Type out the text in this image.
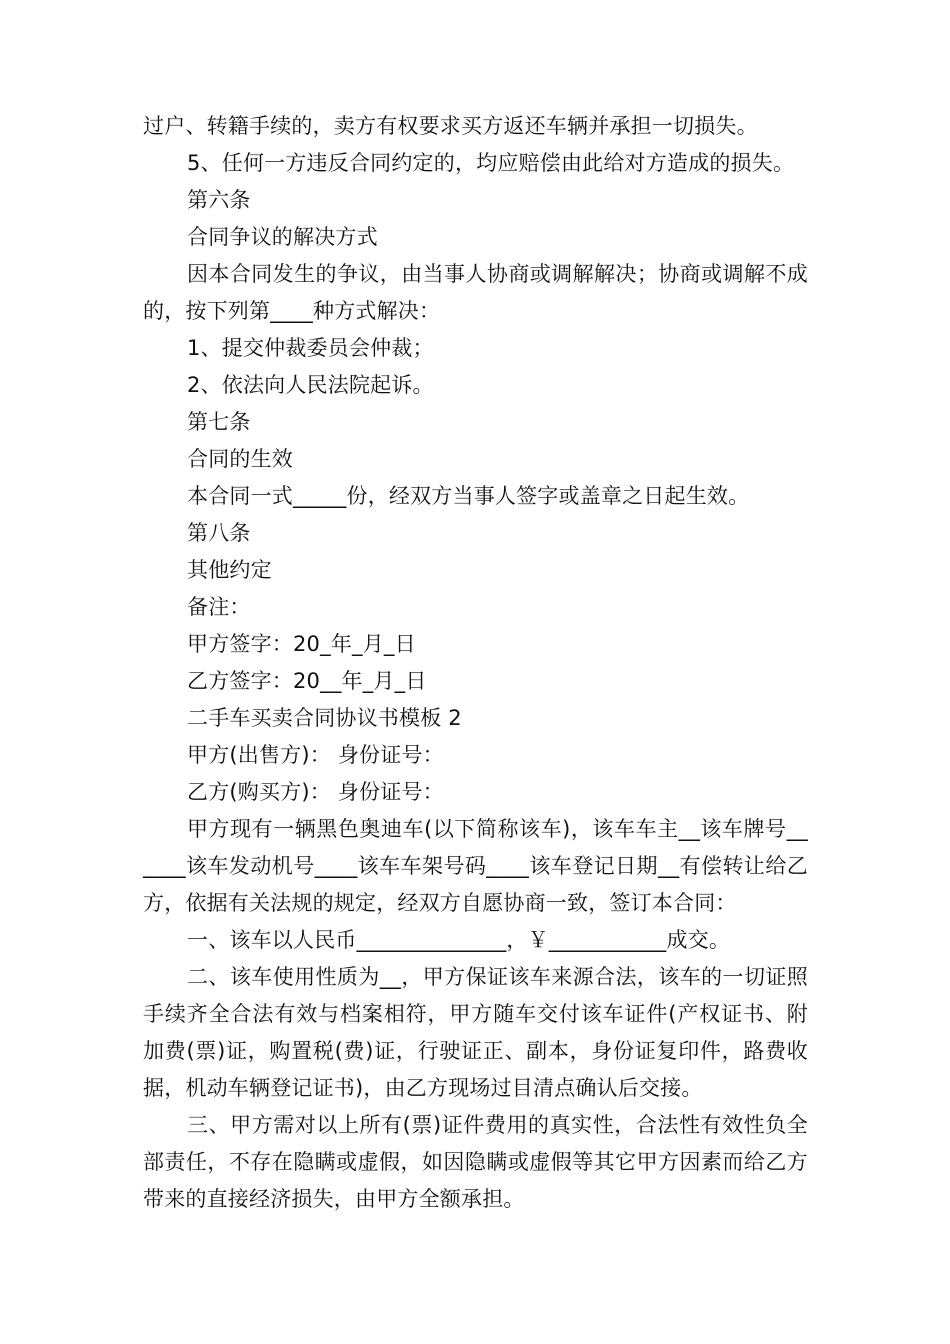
过户、转籍手续的，卖方有权要求买方返还车辆并承担一切损失。

5、任何一方违反合同约定的，均应赔偿由此给对方造成的损失。

第六条

合同争议的解决方式

因本合同发生的争议，由当事人协商或调解解决；协商或调解不成的，按下列第____种方式解决：

1、提交仲裁委员会仲裁；

2、依法向人民法院起诉。

第七条

合同的生效

本合同一式_____份，经双方当事人签字或盖章之日起生效。

第八条

其他约定

备注：

甲方签字：20_年_月_日

乙方签字：20__年_月_日

二手车买卖合同协议书模板 2

甲方(出售方)： 身份证号：

乙方(购买方)： 身份证号：

甲方现有一辆黑色奥迪车(以下简称该车)，该车车主__该车牌号______该车发动机号____该车车架号码____该车登记日期__有偿转让给乙方，依据有关法规的规定，经双方自愿协商一致，签订本合同：

一、该车以人民币______________，￥___________成交。

二、该车使用性质为__，甲方保证该车来源合法，该车的一切证照手续齐全合法有效与档案相符，甲方随车交付该车证件(产权证书、附加费(票)证，购置税(费)证，行驶证正、副本，身份证复印件，路费收据，机动车辆登记证书)，由乙方现场过目清点确认后交接。

三、甲方需对以上所有(票)证件费用的真实性，合法性有效性负全部责任，不存在隐瞒或虚假，如因隐瞒或虚假等其它甲方因素而给乙方带来的直接经济损失，由甲方全额承担。
